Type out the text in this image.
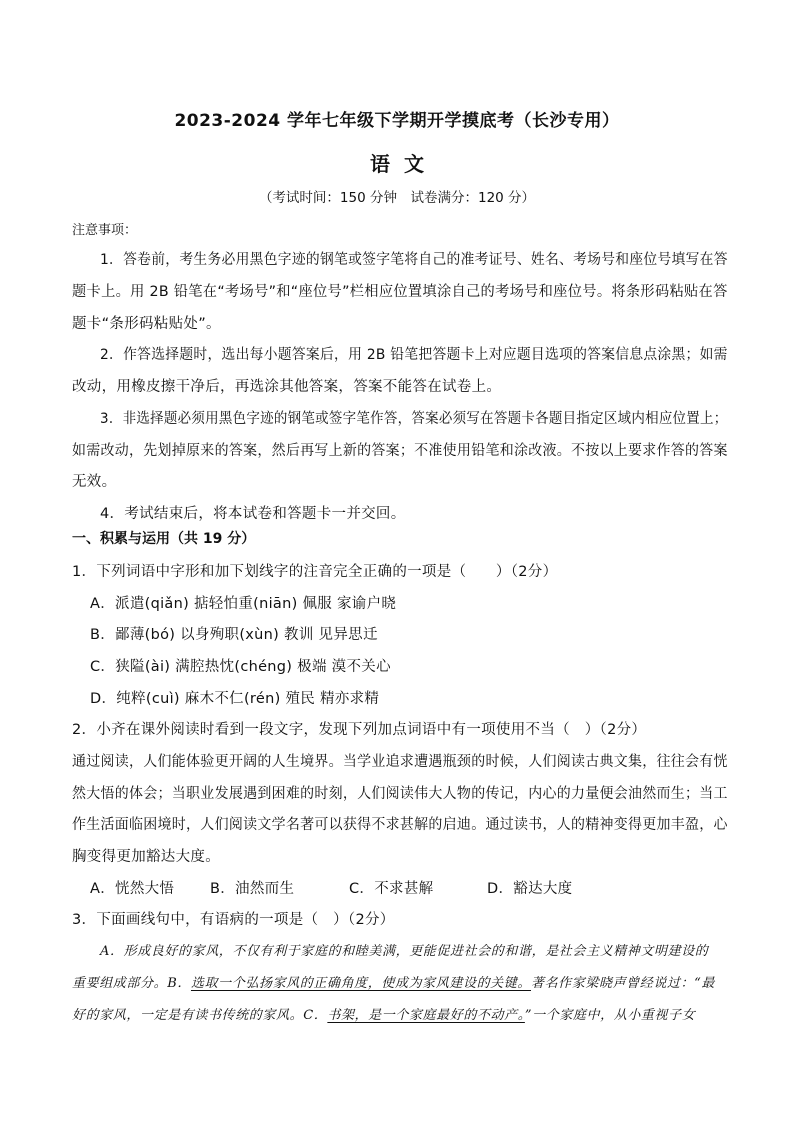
2023-2024 学年七年级下学期开学摸底考（长沙专用）
语文
（考试时间：150 分钟　试卷满分：120 分）
注意事项：
1．答卷前，考生务必用黑色字迹的钢笔或签字笔将自己的准考证号、姓名、考场号和座位号填写在答
题卡上。用 2B 铅笔在“考场号”和“座位号”栏相应位置填涂自己的考场号和座位号。将条形码粘贴在答
题卡“条形码粘贴处”。
2．作答选择题时，选出每小题答案后，用 2B 铅笔把答题卡上对应题目选项的答案信息点涂黑；如需
改动，用橡皮擦干净后，再选涂其他答案，答案不能答在试卷上。
3．非选择题必须用黑色字迹的钢笔或签字笔作答，答案必须写在答题卡各题目指定区域内相应位置上；
如需改动，先划掉原来的答案，然后再写上新的答案；不准使用铅笔和涂改液。不按以上要求作答的答案
无效。
4．考试结束后，将本试卷和答题卡一并交回。
一、积累与运用（共 19 分）
1．下列词语中字形和加下划线字的注音完全正确的一项是（　　）（2分）
A．派遣(qiǎn) 掂轻怕重(niān) 佩服 家谕户晓
B．鄙薄(bó) 以身殉职(xùn) 教训 见异思迁
C．狭隘(ài) 满腔热忱(chéng) 极端 漠不关心
D．纯粹(cuì) 麻木不仁(rén) 殖民 精亦求精
2．小齐在课外阅读时看到一段文字，发现下列加点词语中有一项使用不当（　）（2分）
通过阅读，人们能体验更开阔的人生境界。当学业追求遭遇瓶颈的时候，人们阅读古典文集，往往会有恍
然大悟的体会；当职业发展遇到困难的时刻，人们阅读伟大人物的传记，内心的力量便会油然而生；当工
作生活面临困境时，人们阅读文学名著可以获得不求甚解的启迪。通过读书，人的精神变得更加丰盈，心
胸变得更加豁达大度。
A．恍然大悟 B．油然而生	C．不求甚解	D．豁达大度
3．下面画线句中，有语病的一项是（　）（2分）
A．形成良好的家风，不仅有利于家庭的和睦美满，更能促进社会的和谐，是社会主义精神文明建设的
重要组成部分。B．选取一个弘扬家风的正确角度，使成为家风建设的关键。著名作家梁晓声曾经说过：“最
好的家风，一定是有读书传统的家风。C．书架，是一个家庭最好的不动产。”一个家庭中，从小重视子女
